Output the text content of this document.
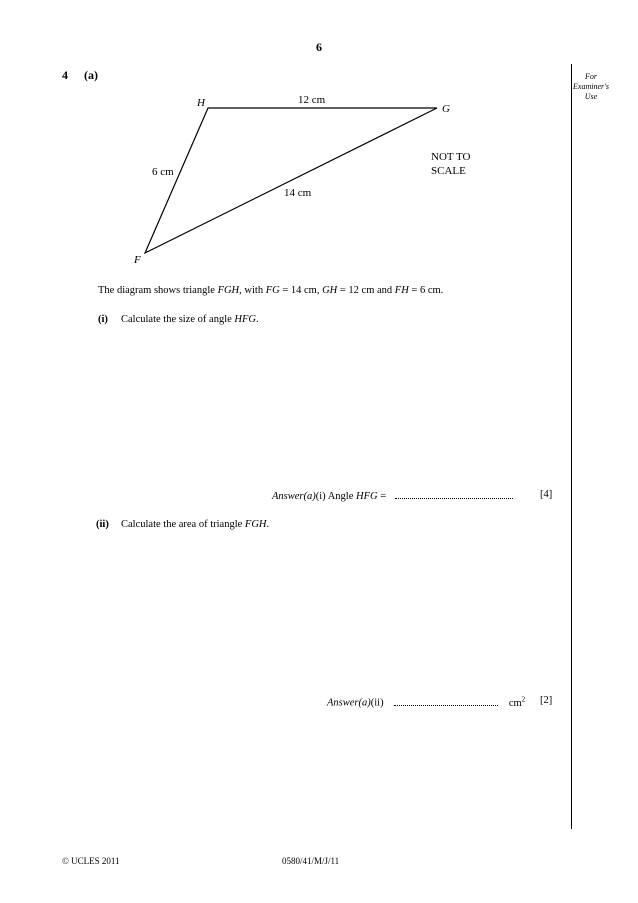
6
4 (a)	For Examiner's Use
H	G
F
12 cm
6 cm
14 cm
NOT TO
SCALE
The diagram shows triangle FGH, with FG = 14 cm, GH = 12 cm and FH = 6 cm.
(i) Calculate the size of angle HFG.
Answer(a)(i) Angle HFG =	[4]
(ii) Calculate the area of triangle FGH.
Answer(a)(ii)	$cm^2$ [2]
© UCLES 2011	0580/41/M/J/11
